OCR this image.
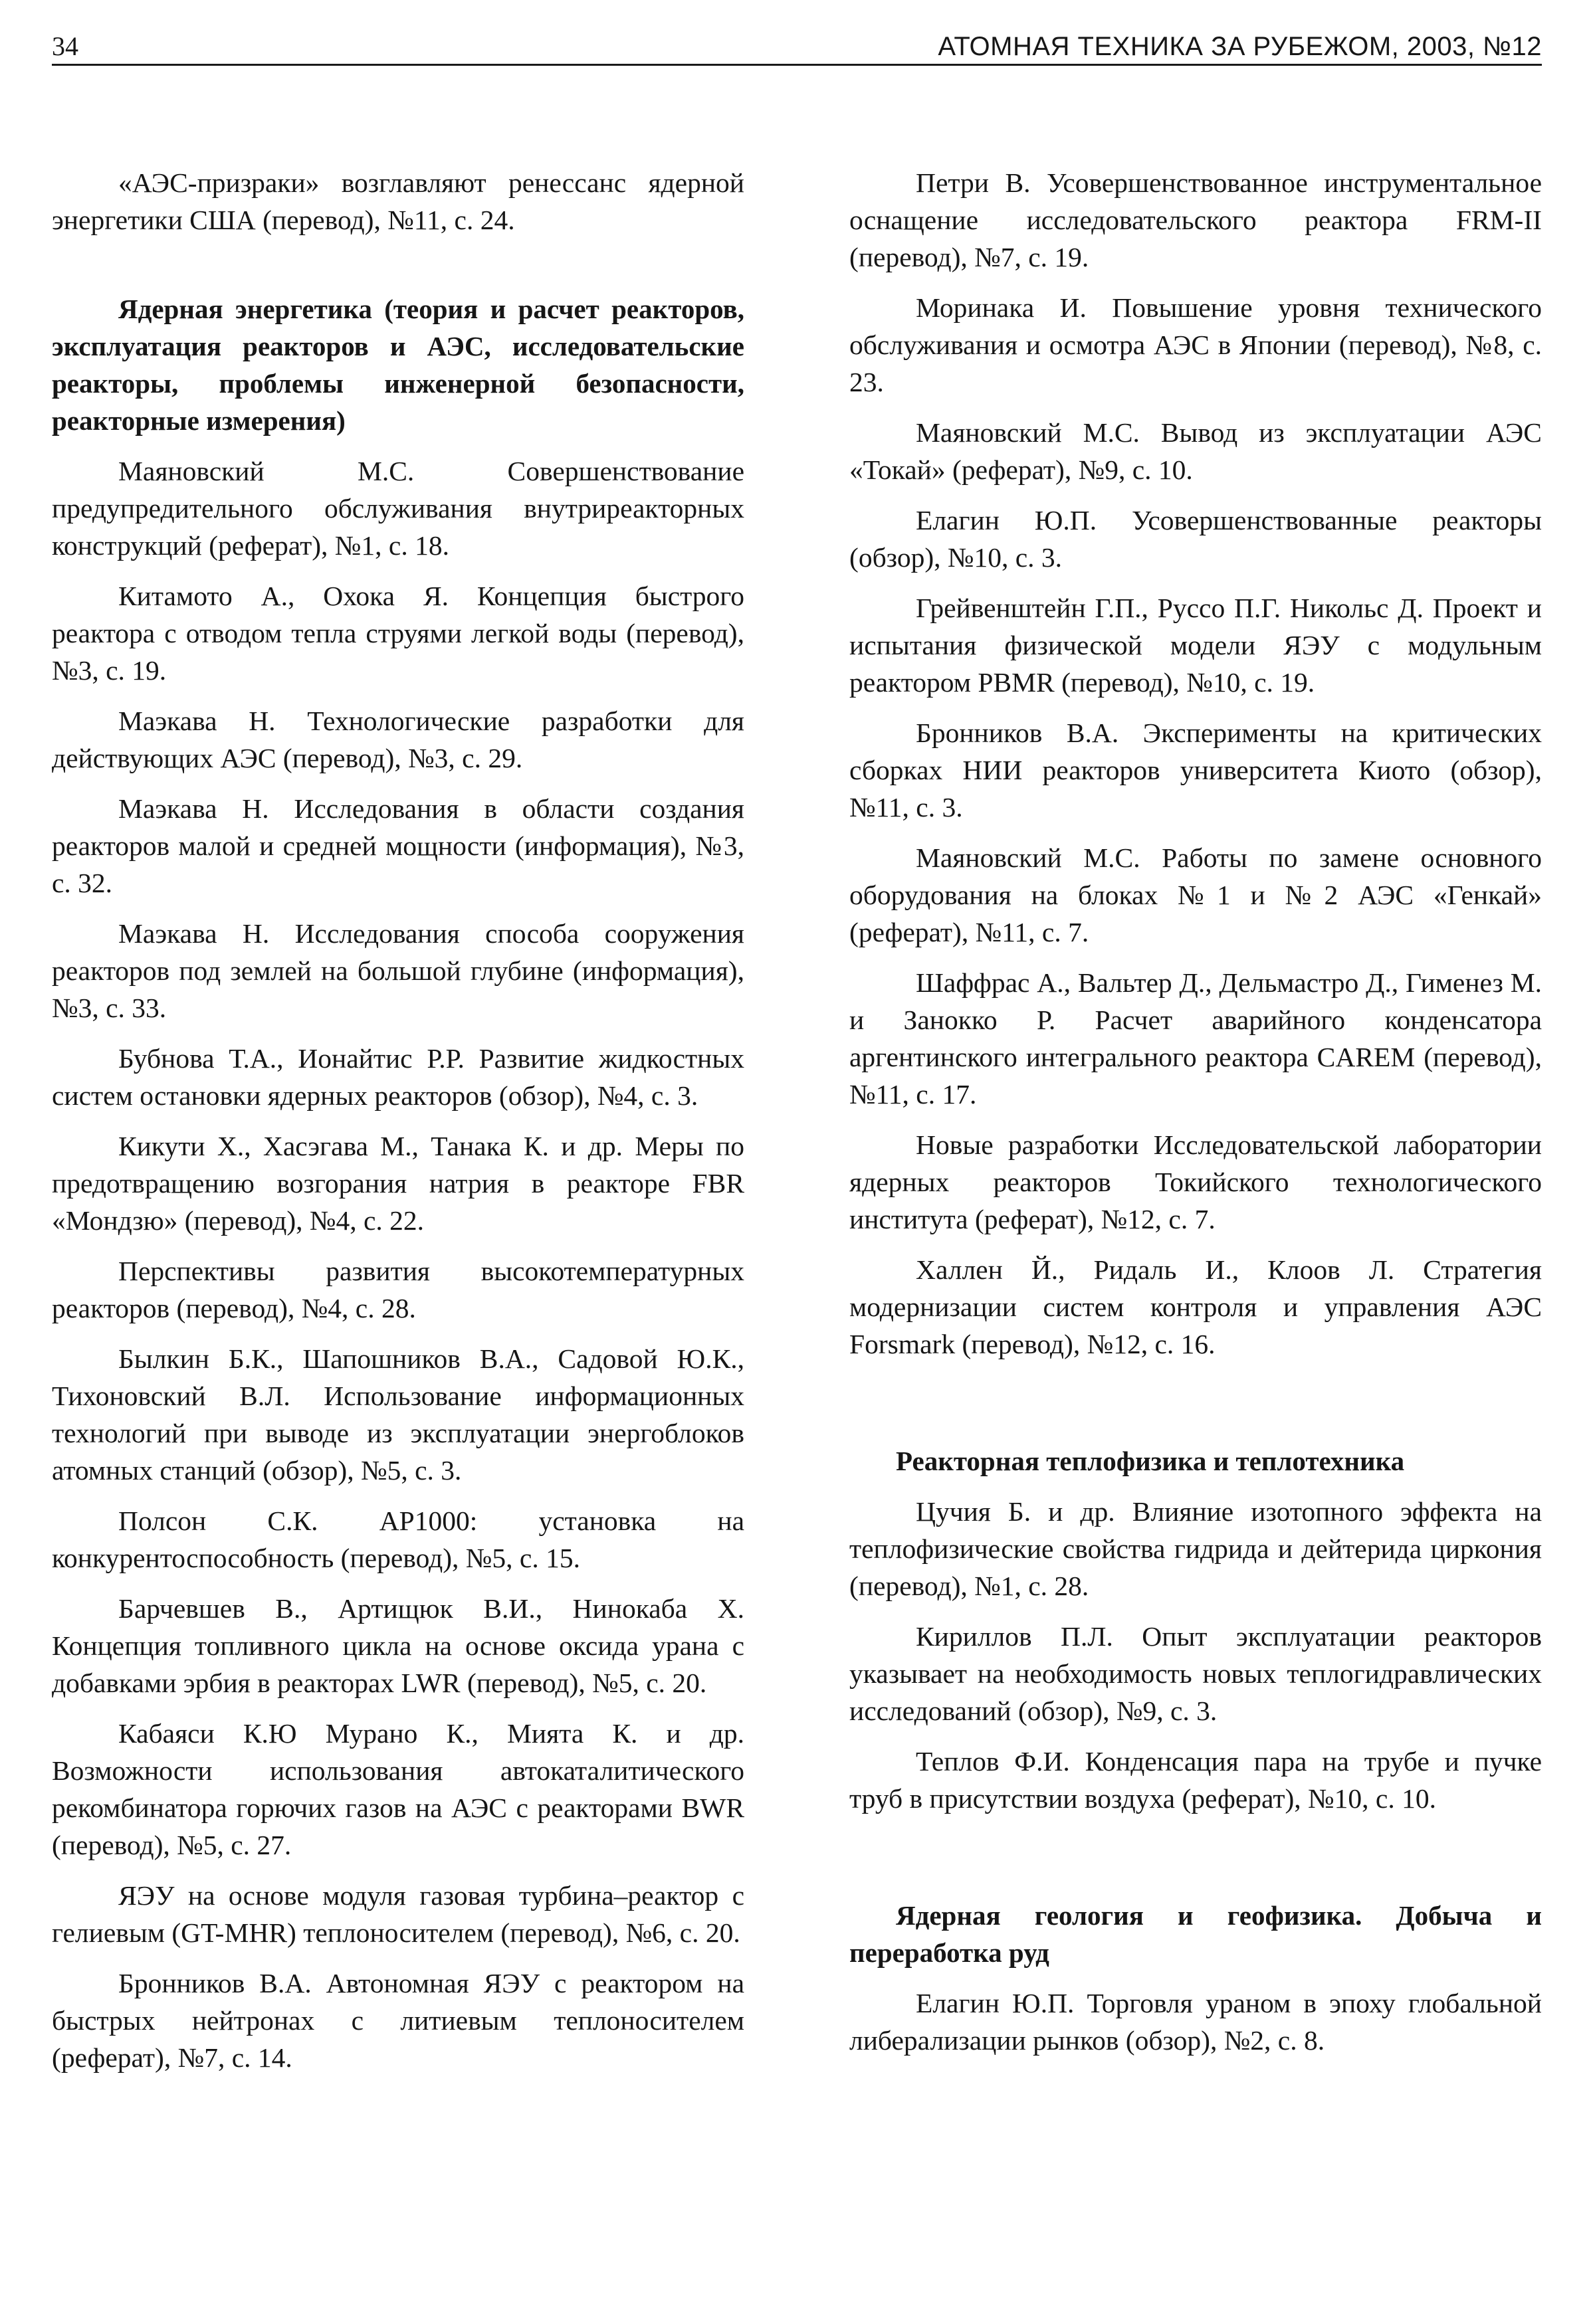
34	АТОМНАЯ ТЕХНИКА ЗА РУБЕЖОМ, 2003, №12

«АЭС-призраки» возглавляют ренессанс ядерной энергетики США (перевод), №11, с. 24.

Ядерная энергетика (теория и расчет реакторов, эксплуатация реакторов и АЭС, исследовательские реакторы, проблемы инженерной безопасности, реакторные измерения)

Маяновский М.С. Совершенствование предупредительного обслуживания внутриреакторных конструкций (реферат), №1, с. 18.

Китамото А., Охока Я. Концепция быстрого реактора с отводом тепла струями легкой воды (перевод), №3, с. 19.

Маэкава Н. Технологические разработки для действующих АЭС (перевод), №3, с. 29.

Маэкава Н. Исследования в области создания реакторов малой и средней мощности (информация), №3, с. 32.

Маэкава Н. Исследования способа сооружения реакторов под землей на большой глубине (информация), №3, с. 33.

Бубнова Т.А., Ионайтис Р.Р. Развитие жидкостных систем остановки ядерных реакторов (обзор), №4, с. 3.

Кикути Х., Хасэгава М., Танака К. и др. Меры по предотвращению возгорания натрия в реакторе FBR «Мондзю» (перевод), №4, с. 22.

Перспективы развития высокотемпературных реакторов (перевод), №4, с. 28.

Былкин Б.К., Шапошников В.А., Садовой Ю.К., Тихоновский В.Л. Использование информационных технологий при выводе из эксплуатации энергоблоков атомных станций (обзор), №5, с. 3.

Полсон С.К. АР1000: установка на конкурентоспособность (перевод), №5, с. 15.

Барчевшев В., Артищюк В.И., Нинокаба Х. Концепция топливного цикла на основе оксида урана с добавками эрбия в реакторах LWR (перевод), №5, с. 20.

Кабаяси К.Ю Мурано К., Мията К. и др. Возможности использования автокаталитического рекомбинатора горючих газов на АЭС с реакторами BWR (перевод), №5, с. 27.

ЯЭУ на основе модуля газовая турбина–реактор с гелиевым (GT-MHR) теплоносителем (перевод), №6, с. 20.

Бронников В.А. Автономная ЯЭУ с реактором на быстрых нейтронах с литиевым теплоносителем (реферат), №7, с. 14.

Петри В. Усовершенствованное инструментальное оснащение исследовательского реактора FRM-II (перевод), №7, с. 19.

Моринака И. Повышение уровня технического обслуживания и осмотра АЭС в Японии (перевод), №8, с. 23.

Маяновский М.С. Вывод из эксплуатации АЭС «Токай» (реферат), №9, с. 10.

Елагин Ю.П. Усовершенствованные реакторы (обзор), №10, с. 3.

Грейвенштейн Г.П., Руссо П.Г. Никольс Д. Проект и испытания физической модели ЯЭУ с модульным реактором PBMR (перевод), №10, с. 19.

Бронников В.А. Эксперименты на критических сборках НИИ реакторов университета Киото (обзор), №11, с. 3.

Маяновский М.С. Работы по замене основного оборудования на блоках №1 и №2 АЭС «Генкай» (реферат), №11, с. 7.

Шаффрас А., Вальтер Д., Дельмастро Д., Гименез М. и Занокко Р. Расчет аварийного конденсатора аргентинского интегрального реактора CAREM (перевод), №11, с. 17.

Новые разработки Исследовательской лаборатории ядерных реакторов Токийского технологического института (реферат), №12, с. 7.

Халлен Й., Ридаль И., Клоов Л. Стратегия модернизации систем контроля и управления АЭС Forsmark (перевод), №12, с. 16.

Реакторная теплофизика и теплотехника

Цучия Б. и др. Влияние изотопного эффекта на теплофизические свойства гидрида и дейтерида циркония (перевод), №1, с. 28.

Кириллов П.Л. Опыт эксплуатации реакторов указывает на необходимость новых теплогидравлических исследований (обзор), №9, с. 3.

Теплов Ф.И. Конденсация пара на трубе и пучке труб в присутствии воздуха (реферат), №10, с. 10.

Ядерная геология и геофизика. Добыча и переработка руд

Елагин Ю.П. Торговля ураном в эпоху глобальной либерализации рынков (обзор), №2, с. 8.
